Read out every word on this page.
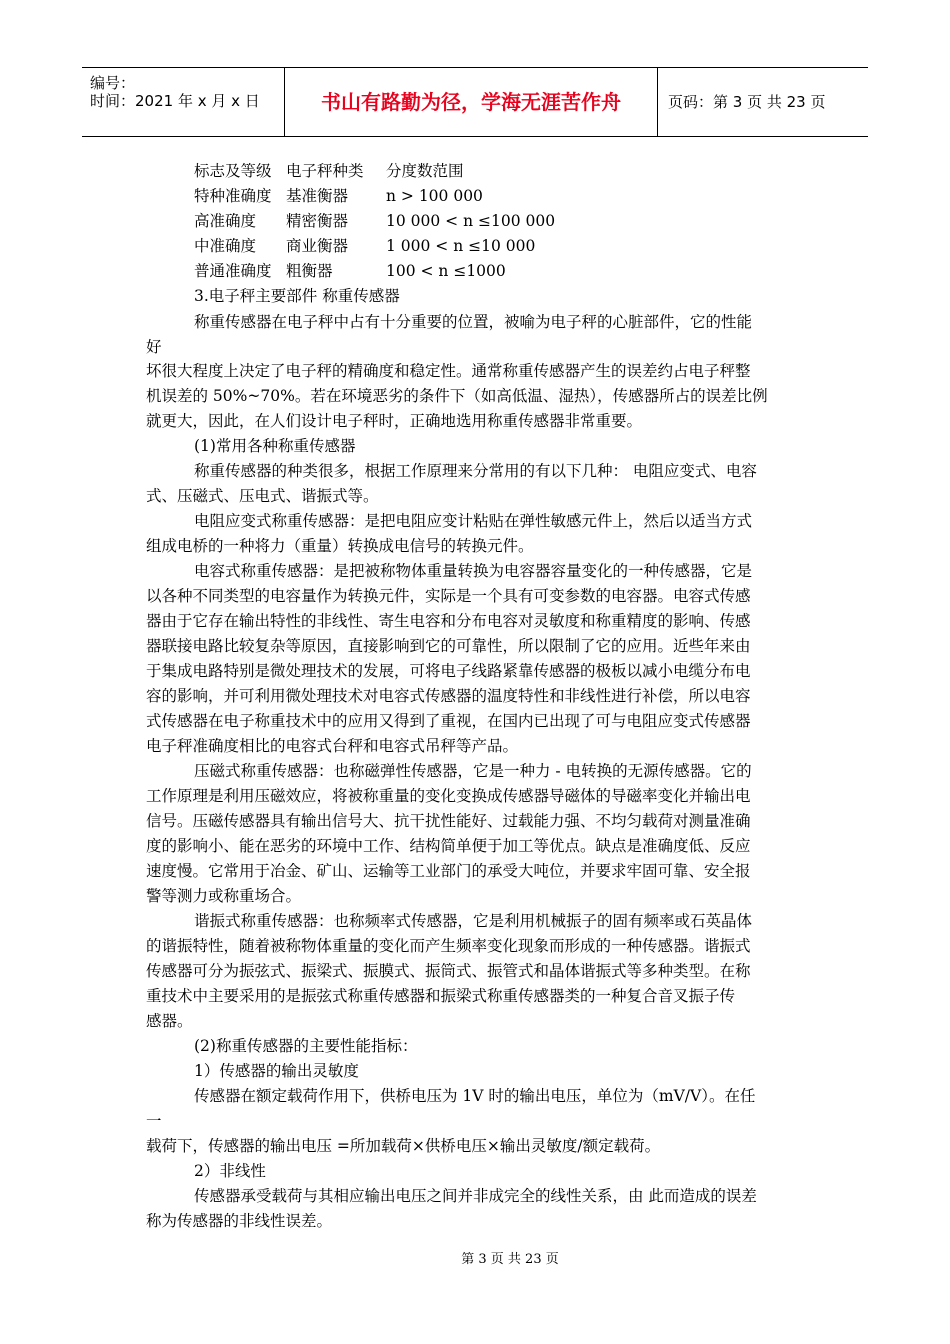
编号：
时间：2021 年 x 月 x 日	书山有路勤为径，学海无涯苦作舟	页码：第 3 页 共 23 页
标志及等级 电子秤种类 分度数范围
特种准确度 基准衡器 n > 100 000
高准确度 精密衡器 10 000 < n ≤100 000
中准确度 商业衡器 1 000 < n ≤10 000
普通准确度 粗衡器	100 < n ≤1000
3.电子秤主要部件 称重传感器
称重传感器在电子秤中占有十分重要的位置，被喻为电子秤的心脏部件，它的性能
好
坏很大程度上决定了电子秤的精确度和稳定性。通常称重传感器产生的误差约占电子秤整
机误差的 50%~70%。若在环境恶劣的条件下（如高低温、湿热），传感器所占的误差比例
就更大，因此，在人们设计电子秤时，正确地选用称重传感器非常重要。
(1)常用各种称重传感器
称重传感器的种类很多，根据工作原理来分常用的有以下几种： 电阻应变式、电容
式、压磁式、压电式、谐振式等。
电阻应变式称重传感器：是把电阻应变计粘贴在弹性敏感元件上，然后以适当方式
组成电桥的一种将力（重量）转换成电信号的转换元件。
电容式称重传感器：是把被称物体重量转换为电容器容量变化的一种传感器，它是
以各种不同类型的电容量作为转换元件，实际是一个具有可变参数的电容器。电容式传感
器由于它存在输出特性的非线性、寄生电容和分布电容对灵敏度和称重精度的影响、传感
器联接电路比较复杂等原因，直接影响到它的可靠性，所以限制了它的应用。近些年来由
于集成电路特别是微处理技术的发展，可将电子线路紧靠传感器的极板以减小电缆分布电
容的影响，并可利用微处理技术对电容式传感器的温度特性和非线性进行补偿，所以电容
式传感器在电子称重技术中的应用又得到了重视，在国内已出现了可与电阻应变式传感器
电子秤准确度相比的电容式台秤和电容式吊秤等产品。
压磁式称重传感器：也称磁弹性传感器，它是一种力 - 电转换的无源传感器。它的
工作原理是利用压磁效应，将被称重量的变化变换成传感器导磁体的导磁率变化并输出电
信号。压磁传感器具有输出信号大、抗干扰性能好、过载能力强、不均匀载荷对测量准确
度的影响小、能在恶劣的环境中工作、结构简单便于加工等优点。缺点是准确度低、反应
速度慢。它常用于冶金、矿山、运输等工业部门的承受大吨位，并要求牢固可靠、安全报
警等测力或称重场合。
谐振式称重传感器：也称频率式传感器，它是利用机械振子的固有频率或石英晶体
的谐振特性，随着被称物体重量的变化而产生频率变化现象而形成的一种传感器。谐振式
传感器可分为振弦式、振梁式、振膜式、振筒式、振管式和晶体谐振式等多种类型。在称
重技术中主要采用的是振弦式称重传感器和振梁式称重传感器类的一种复合音叉振子传
感器。
(2)称重传感器的主要性能指标：
1）传感器的输出灵敏度
传感器在额定载荷作用下，供桥电压为 1V 时的输出电压，单位为（mV/V）。在任
一
载荷下，传感器的输出电压 =所加载荷×供桥电压×输出灵敏度/额定载荷。
2）非线性
传感器承受载荷与其相应输出电压之间并非成完全的线性关系，由 此而造成的误差
称为传感器的非线性误差。
第 3 页 共 23 页
